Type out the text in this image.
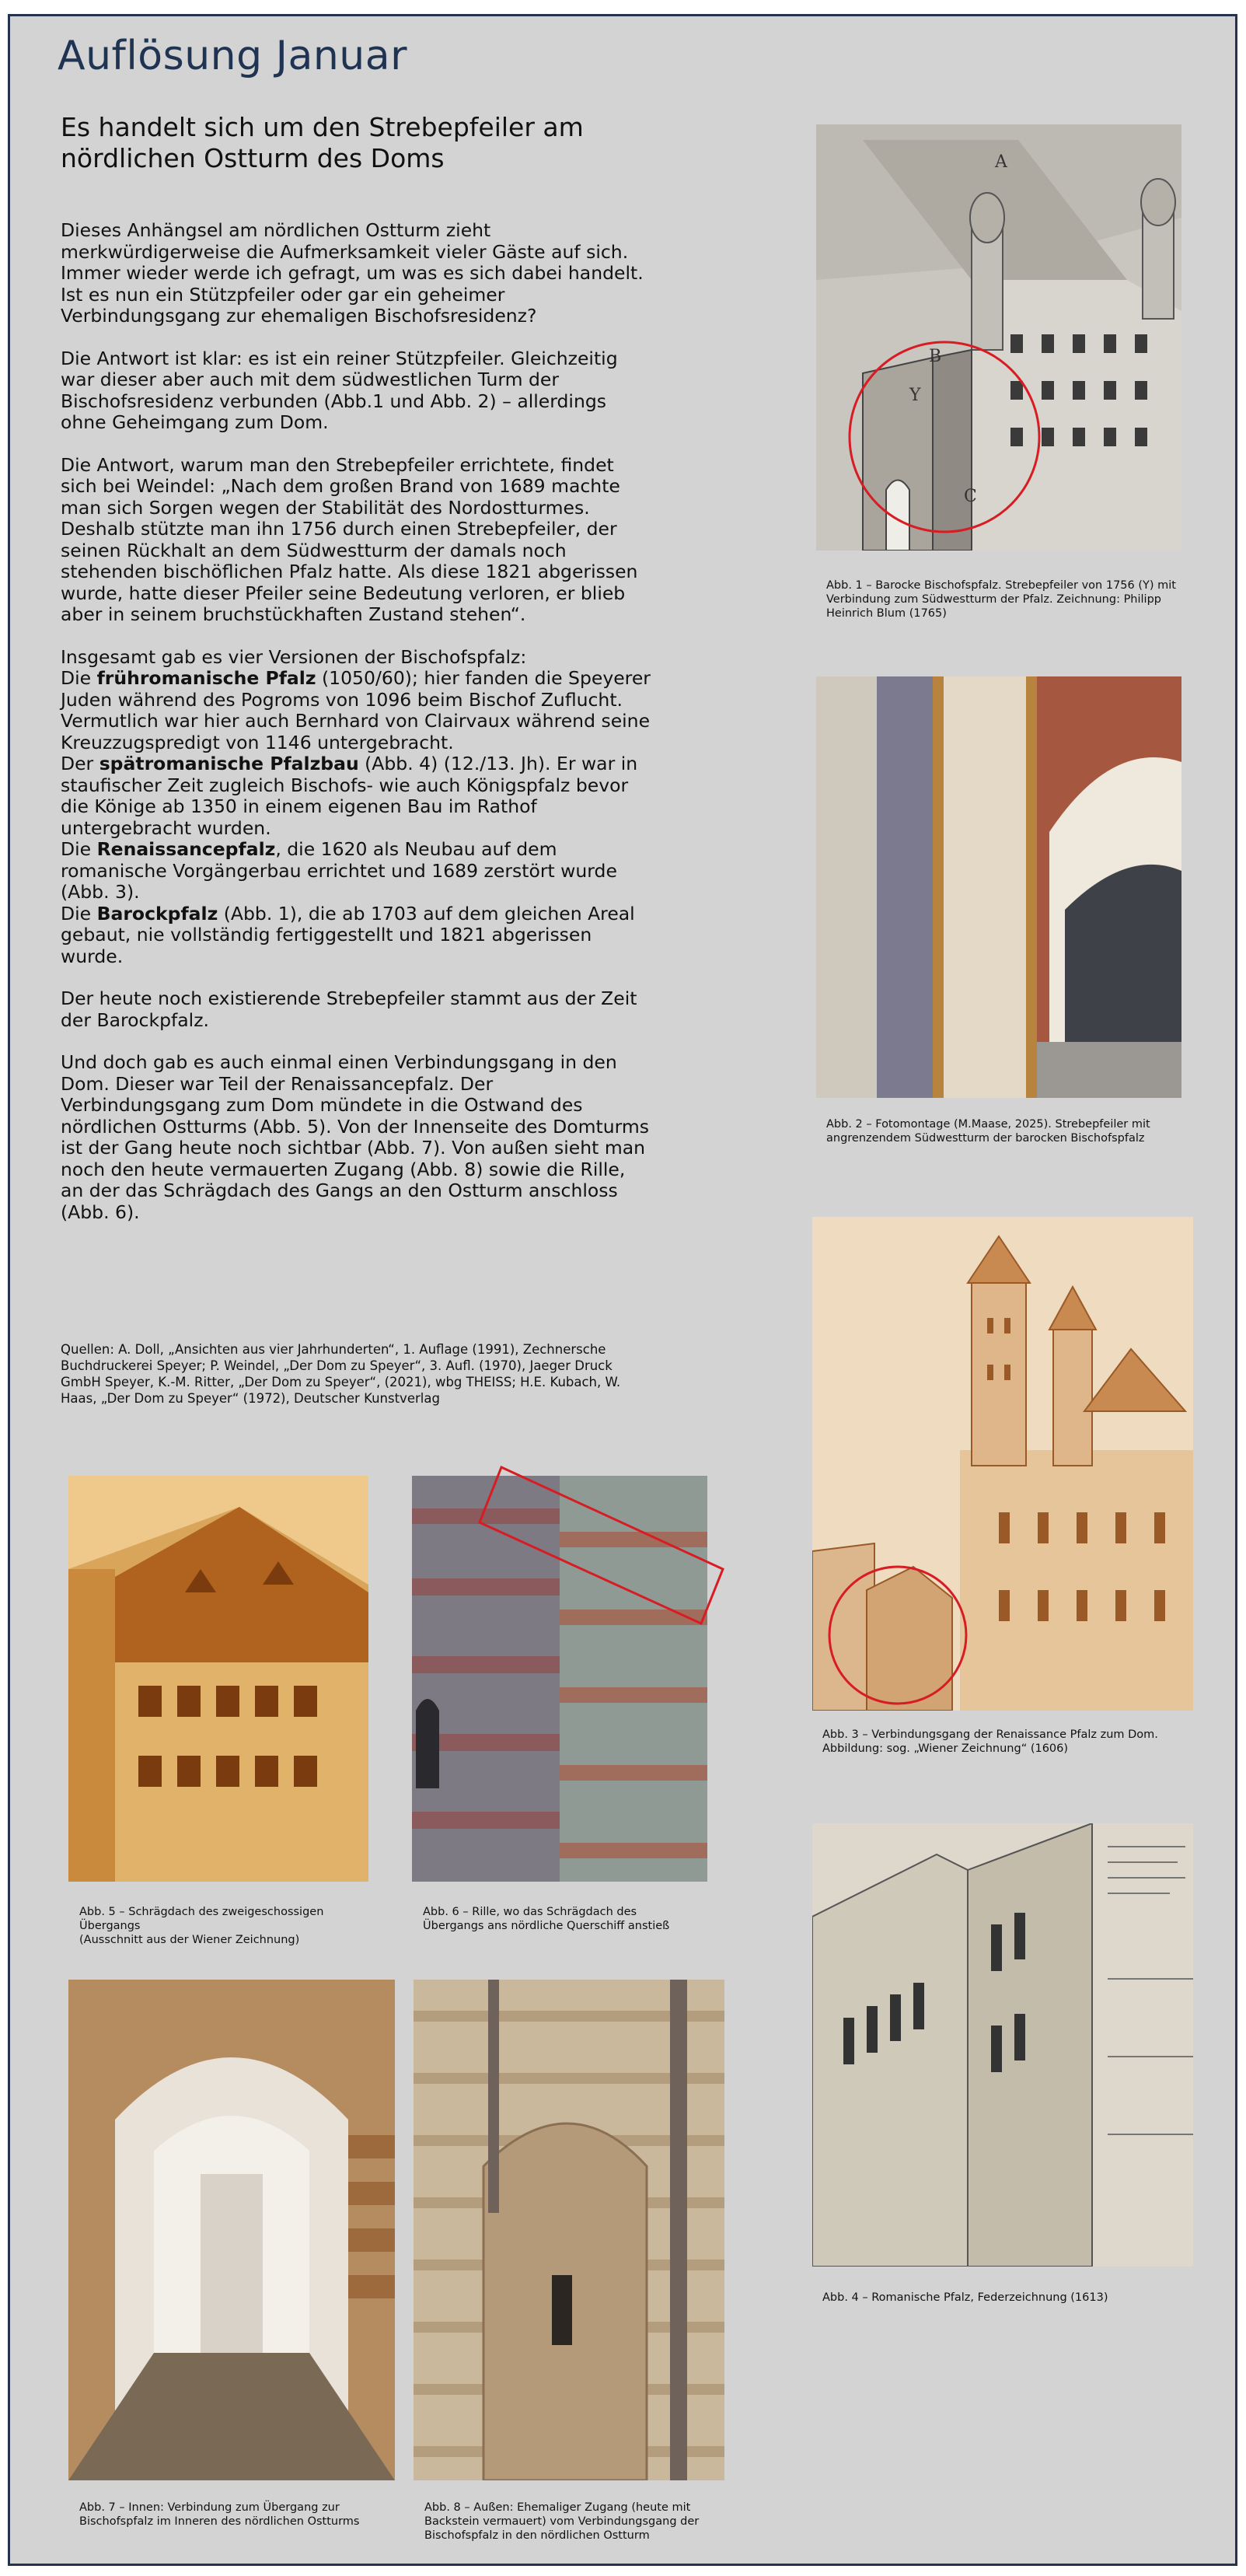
Auflösung Januar
Es handelt sich um den Strebepfeiler am nördlichen Ostturm des Doms

Dieses Anhängsel am nördlichen Ostturm zieht merkwürdigerweise die Aufmerksamkeit vieler Gäste auf sich. Immer wieder werde ich gefragt, um was es sich dabei handelt. Ist es nun ein Stützpfeiler oder gar ein geheimer Verbindungsgang zur ehemaligen Bischofsresidenz?

Die Antwort ist klar: es ist ein reiner Stützpfeiler. Gleichzeitig war dieser aber auch mit dem südwestlichen Turm der Bischofsresidenz verbunden (Abb.1 und Abb. 2) – allerdings ohne Geheimgang zum Dom.

Die Antwort, warum man den Strebepfeiler errichtete, findet sich bei Weindel: „Nach dem großen Brand von 1689 machte man sich Sorgen wegen der Stabilität des Nordostturmes. Deshalb stützte man ihn 1756 durch einen Strebepfeiler, der seinen Rückhalt an dem Südwestturm der damals noch stehenden bischöflichen Pfalz hatte. Als diese 1821 abgerissen wurde, hatte dieser Pfeiler seine Bedeutung verloren, er blieb aber in seinem bruchstückhaften Zustand stehen“.

Insgesamt gab es vier Versionen der Bischofspfalz:
Die frühromanische Pfalz (1050/60); hier fanden die Speyerer Juden während des Pogroms von 1096 beim Bischof Zuflucht. Vermutlich war hier auch Bernhard von Clairvaux während seine Kreuzzugspredigt von 1146 untergebracht.
Der spätromanische Pfalzbau (Abb. 4) (12./13. Jh). Er war in staufischer Zeit zugleich Bischofs- wie auch Königspfalz bevor die Könige ab 1350 in einem eigenen Bau im Rathof untergebracht wurden.
Die Renaissancepfalz, die 1620 als Neubau auf dem romanische Vorgängerbau errichtet und 1689 zerstört wurde (Abb. 3).
Die Barockpfalz (Abb. 1), die ab 1703 auf dem gleichen Areal gebaut, nie vollständig fertiggestellt und 1821 abgerissen wurde.

Der heute noch existierende Strebepfeiler stammt aus der Zeit der Barockpfalz.

Und doch gab es auch einmal einen Verbindungsgang in den Dom. Dieser war Teil der Renaissancepfalz. Der Verbindungsgang zum Dom mündete in die Ostwand des nördlichen Ostturms (Abb. 5). Von der Innenseite des Domturms ist der Gang heute noch sichtbar (Abb. 7). Von außen sieht man noch den heute vermauerten Zugang (Abb. 8) sowie die Rille, an der das Schrägdach des Gangs an den Ostturm anschloss (Abb. 6).

Quellen: A. Doll, „Ansichten aus vier Jahrhunderten“, 1. Auflage (1991), Zechnersche Buchdruckerei Speyer; P. Weindel, „Der Dom zu Speyer“, 3. Aufl. (1970), Jaeger Druck GmbH Speyer, K.-M. Ritter, „Der Dom zu Speyer“, (2021), wbg THEISS; H.E. Kubach, W. Haas, „Der Dom zu Speyer“ (1972), Deutscher Kunstverlag
A
B
Y
C
Abb. 1 – Barocke Bischofspfalz. Strebepfeiler von 1756 (Y) mit
Verbindung zum Südwestturm der Pfalz. Zeichnung: Philipp
Heinrich Blum (1765)
Abb. 2 – Fotomontage (M.Maase, 2025). Strebepfeiler mit
angrenzendem Südwestturm der barocken Bischofspfalz
Abb. 3 – Verbindungsgang der Renaissance Pfalz zum Dom.
Abbildung: sog. „Wiener Zeichnung“ (1606)
Abb. 4 – Romanische Pfalz, Federzeichnung (1613)
Abb. 5 – Schrägdach des zweigeschossigen
Übergangs
(Ausschnitt aus der Wiener Zeichnung)
Abb. 6 – Rille, wo das Schrägdach des
Übergangs ans nördliche Querschiff anstieß
Abb. 7 – Innen: Verbindung zum Übergang zur
Bischofspfalz im Inneren des nördlichen Ostturms
Abb. 8 – Außen: Ehemaliger Zugang (heute mit
Backstein vermauert) vom Verbindungsgang der
Bischofspfalz in den nördlichen Ostturm
